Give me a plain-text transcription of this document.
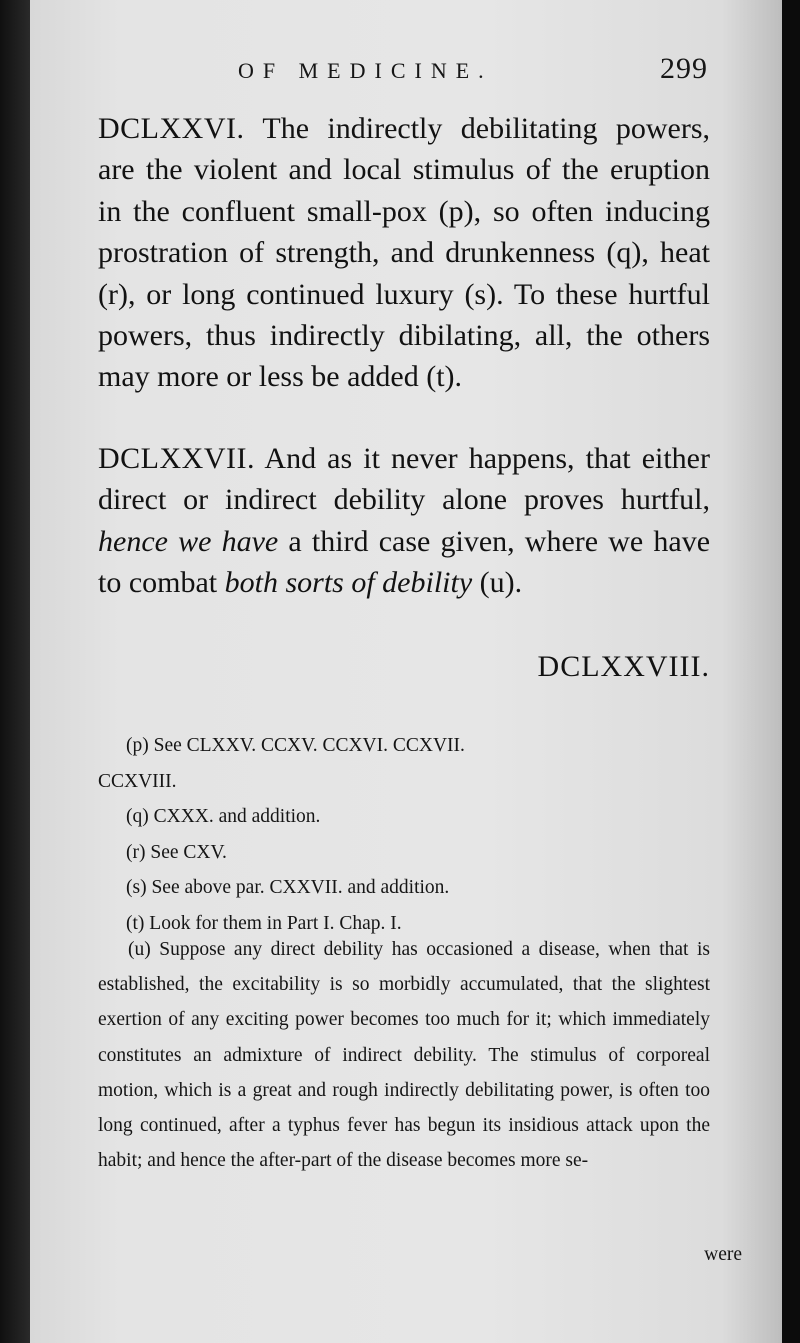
OF MEDICINE.	299
DCLXXVI. The indirectly debilitating powers, are the violent and local stimulus of the eruption in the confluent small-pox (p), so often inducing prostration of strength, and drunkenness (q), heat (r), or long continued luxury (s). To these hurtful powers, thus indirectly dibilating, all, the others may more or less be added (t).
DCLXXVII. And as it never happens, that either direct or indirect debility alone proves hurtful, hence we have a third case given, where we have to combat both sorts of debility (u).
DCLXXVIII.
(p) See CLXXV. CCXV. CCXVI. CCXVII.
CCXVIII.
(q) CXXX. and addition.
(r) See CXV.
(s) See above par. CXXVII. and addition.
(t) Look for them in Part I. Chap. I.
(u) Suppose any direct debility has occasioned a disease, when that is established, the excitability is so morbidly accumulated, that the slightest exertion of any exciting power becomes too much for it; which immediately constitutes an admixture of indirect debility. The stimulus of corporeal motion, which is a great and rough indirectly debilitating power, is often too long continued, after a typhus fever has begun its insidious attack upon the habit; and hence the after-part of the disease becomes more se-
were
